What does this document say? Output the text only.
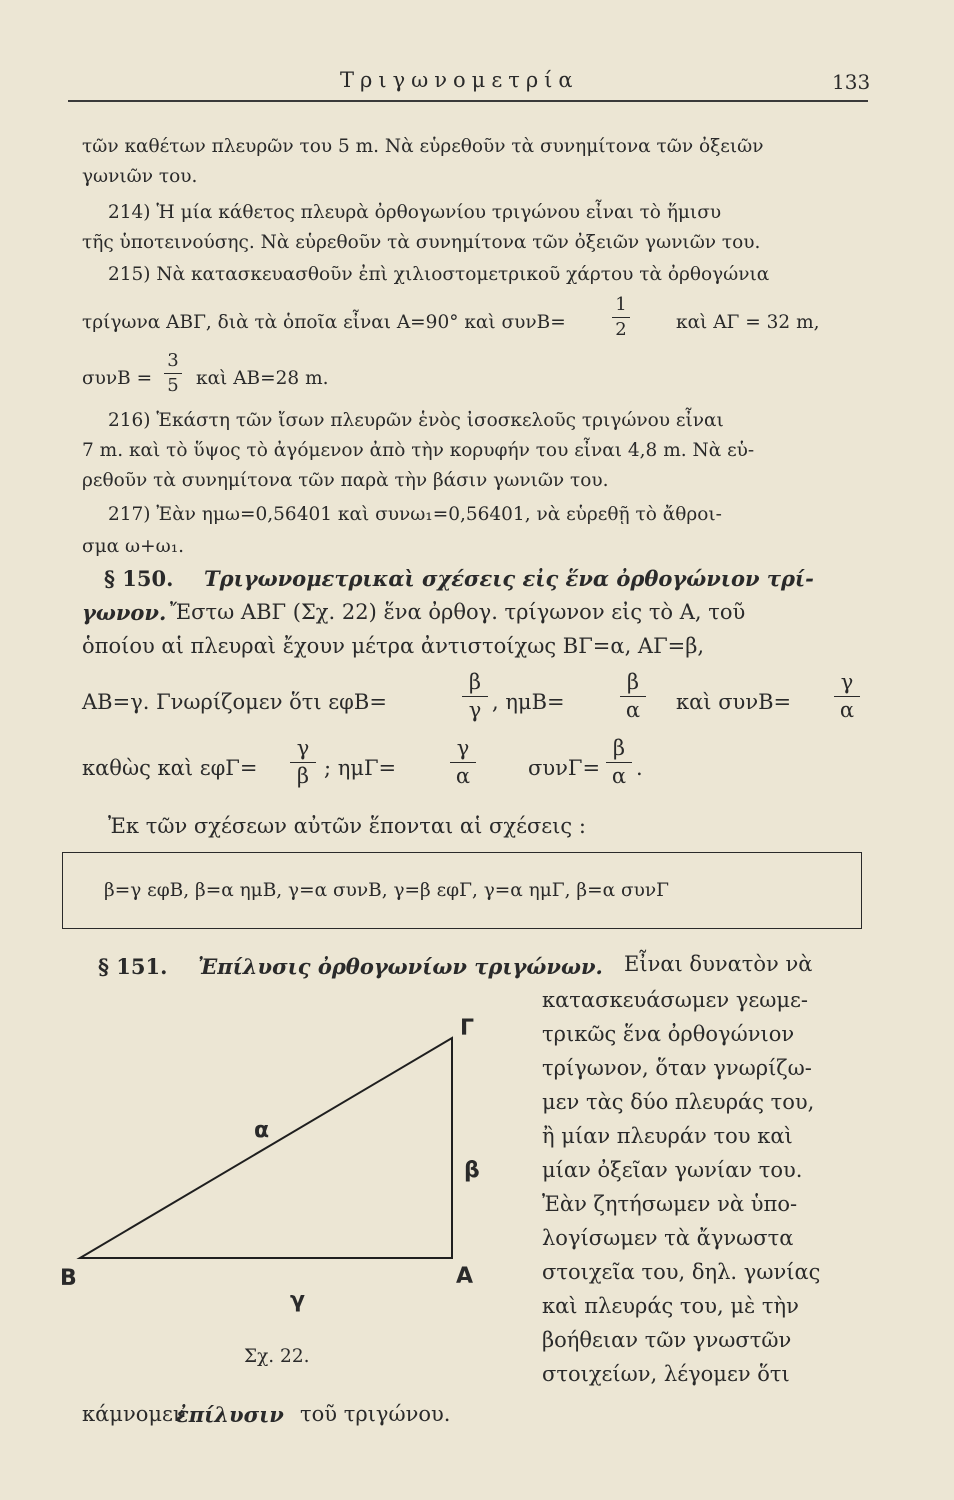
Τριγωνομετρία	133
τῶν καθέτων πλευρῶν του 5 m. Νὰ εὑρεθοῦν τὰ συνημίτονα τῶν ὀξειῶν
γωνιῶν του.
214) Ἡ μία κάθετος πλευρὰ ὀρθογωνίου τριγώνου εἶναι τὸ ἥμισυ
τῆς ὑποτεινούσης. Νὰ εὑρεθοῦν τὰ συνημίτονα τῶν ὀξειῶν γωνιῶν του.
215) Νὰ κατασκευασθοῦν ἐπὶ χιλιοστομετρικοῦ χάρτου τὰ ὀρθογώνια
τρίγωνα ΑΒΓ, διὰ τὰ ὁποῖα εἶναι Α=90° καὶ συνΒ=
1
2	καὶ ΑΓ = 32 m,
συνΒ =
3
5 καὶ ΑΒ=28 m.
216) Ἑκάστη τῶν ἴσων πλευρῶν ἑνὸς ἰσοσκελοῦς τριγώνου εἶναι
7 m. καὶ τὸ ὕψος τὸ ἀγόμενον ἀπὸ τὴν κορυφήν του εἶναι 4,8 m. Νὰ εὑ-
ρεθοῦν τὰ συνημίτονα τῶν παρὰ τὴν βάσιν γωνιῶν του.
217) Ἐὰν ημω=0,56401 καὶ συνω₁=0,56401, νὰ εὑρεθῇ τὸ ἄθροι-
σμα ω+ω₁.
§ 150. Τριγωνομετρικαὶ σχέσεις εἰς ἕνα ὀρθογώνιον τρί-
γωνον. Ἔστω ΑΒΓ (Σχ. 22) ἕνα ὀρθογ. τρίγωνον εἰς τὸ Α, τοῦ
ὁποίου αἱ πλευραὶ ἔχουν μέτρα ἀντιστοίχως ΒΓ=α, ΑΓ=β,
ΑΒ=γ. Γνωρίζομεν ὅτι εφΒ=
β
γ , ημΒ=
β
α καὶ συνΒ=
γ
α
καθὼς καὶ εφΓ=
γ
β ; ημΓ=
γ
α	συνΓ=
β
α .
Ἐκ τῶν σχέσεων αὐτῶν ἕπονται αἱ σχέσεις :
β=γ εφΒ, β=α ημΒ, γ=α συνΒ, γ=β εφΓ, γ=α ημΓ, β=α συνΓ
§ 151. Ἐπίλυσις ὀρθογωνίων τριγώνων. Εἶναι δυνατὸν νὰ
κατασκευάσωμεν γεωμε-
τρικῶς ἕνα ὀρθογώνιον
τρίγωνον, ὅταν γνωρίζω-
μεν τὰς δύο πλευράς του,
ἢ μίαν πλευράν του καὶ
μίαν ὀξεῖαν γωνίαν του.
Ἐὰν ζητήσωμεν νὰ ὑπο-
λογίσωμεν τὰ ἄγνωστα
στοιχεῖα του, δηλ. γωνίας
καὶ πλευράς του, μὲ τὴν
βοήθειαν τῶν γνωστῶν
στοιχείων, λέγομεν ὅτι
Γ
α
β
Β
γ
Α
Σχ. 22.
κάμνομεν
ἐπίλυσιν τοῦ τριγώνου.
